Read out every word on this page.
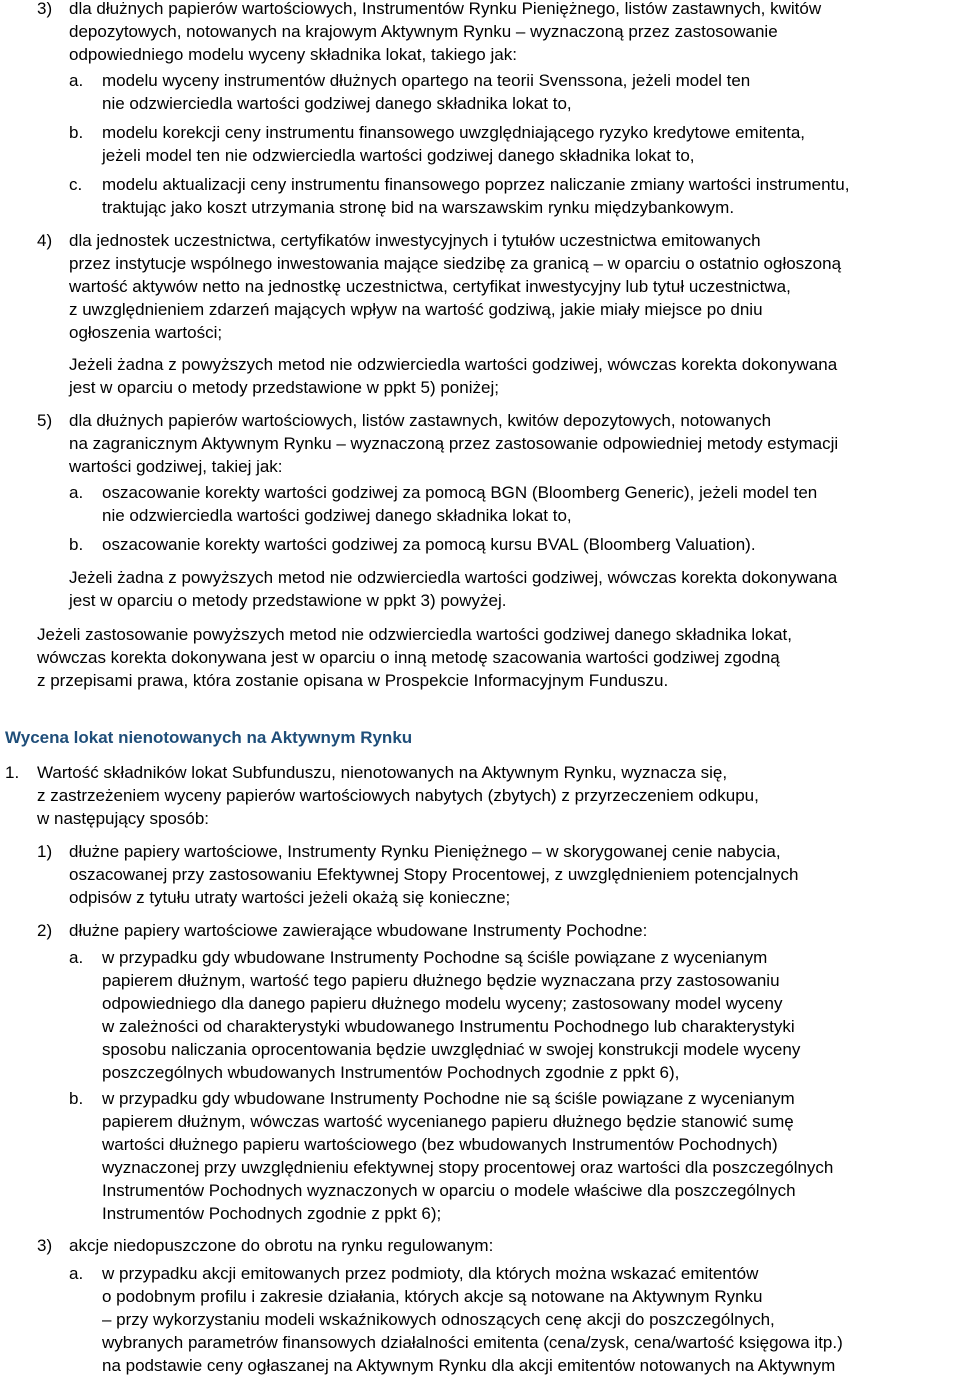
3) dla dłużnych papierów wartościowych, Instrumentów Rynku Pieniężnego, listów zastawnych, kwitów
depozytowych, notowanych na krajowym Aktywnym Rynku – wyznaczoną przez zastosowanie
odpowiedniego modelu wyceny składnika lokat, takiego jak:
a. modelu wyceny instrumentów dłużnych opartego na teorii Svenssona, jeżeli model ten
nie odzwierciedla wartości godziwej danego składnika lokat to,
b. modelu korekcji ceny instrumentu finansowego uwzględniającego ryzyko kredytowe emitenta,
jeżeli model ten nie odzwierciedla wartości godziwej danego składnika lokat to,
c. modelu aktualizacji ceny instrumentu finansowego poprzez naliczanie zmiany wartości instrumentu,
traktując jako koszt utrzymania stronę bid na warszawskim rynku międzybankowym.
4) dla jednostek uczestnictwa, certyfikatów inwestycyjnych i tytułów uczestnictwa emitowanych
przez instytucje wspólnego inwestowania mające siedzibę za granicą – w oparciu o ostatnio ogłoszoną
wartość aktywów netto na jednostkę uczestnictwa, certyfikat inwestycyjny lub tytuł uczestnictwa,
z uwzględnieniem zdarzeń mających wpływ na wartość godziwą, jakie miały miejsce po dniu
ogłoszenia wartości;
Jeżeli żadna z powyższych metod nie odzwierciedla wartości godziwej, wówczas korekta dokonywana
jest w oparciu o metody przedstawione w ppkt 5) poniżej;
5) dla dłużnych papierów wartościowych, listów zastawnych, kwitów depozytowych, notowanych
na zagranicznym Aktywnym Rynku – wyznaczoną przez zastosowanie odpowiedniej metody estymacji
wartości godziwej, takiej jak:
a. oszacowanie korekty wartości godziwej za pomocą BGN (Bloomberg Generic), jeżeli model ten
nie odzwierciedla wartości godziwej danego składnika lokat to,
b. oszacowanie korekty wartości godziwej za pomocą kursu BVAL (Bloomberg Valuation).
Jeżeli żadna z powyższych metod nie odzwierciedla wartości godziwej, wówczas korekta dokonywana
jest w oparciu o metody przedstawione w ppkt 3) powyżej.
Jeżeli zastosowanie powyższych metod nie odzwierciedla wartości godziwej danego składnika lokat,
wówczas korekta dokonywana jest w oparciu o inną metodę szacowania wartości godziwej zgodną
z przepisami prawa, która zostanie opisana w Prospekcie Informacyjnym Funduszu.
Wycena lokat nienotowanych na Aktywnym Rynku
1. Wartość składników lokat Subfunduszu, nienotowanych na Aktywnym Rynku, wyznacza się,
z zastrzeżeniem wyceny papierów wartościowych nabytych (zbytych) z przyrzeczeniem odkupu,
w następujący sposób:
1) dłużne papiery wartościowe, Instrumenty Rynku Pieniężnego – w skorygowanej cenie nabycia,
oszacowanej przy zastosowaniu Efektywnej Stopy Procentowej, z uwzględnieniem potencjalnych
odpisów z tytułu utraty wartości jeżeli okażą się konieczne;
2) dłużne papiery wartościowe zawierające wbudowane Instrumenty Pochodne:
a. w przypadku gdy wbudowane Instrumenty Pochodne są ściśle powiązane z wycenianym
papierem dłużnym, wartość tego papieru dłużnego będzie wyznaczana przy zastosowaniu
odpowiedniego dla danego papieru dłużnego modelu wyceny; zastosowany model wyceny
w zależności od charakterystyki wbudowanego Instrumentu Pochodnego lub charakterystyki
sposobu naliczania oprocentowania będzie uwzględniać w swojej konstrukcji modele wyceny
poszczególnych wbudowanych Instrumentów Pochodnych zgodnie z ppkt 6),
b. w przypadku gdy wbudowane Instrumenty Pochodne nie są ściśle powiązane z wycenianym
papierem dłużnym, wówczas wartość wycenianego papieru dłużnego będzie stanowić sumę
wartości dłużnego papieru wartościowego (bez wbudowanych Instrumentów Pochodnych)
wyznaczonej przy uwzględnieniu efektywnej stopy procentowej oraz wartości dla poszczególnych
Instrumentów Pochodnych wyznaczonych w oparciu o modele właściwe dla poszczególnych
Instrumentów Pochodnych zgodnie z ppkt 6);
3) akcje niedopuszczone do obrotu na rynku regulowanym:
a. w przypadku akcji emitowanych przez podmioty, dla których można wskazać emitentów
o podobnym profilu i zakresie działania, których akcje są notowane na Aktywnym Rynku
– przy wykorzystaniu modeli wskaźnikowych odnoszących cenę akcji do poszczególnych,
wybranych parametrów finansowych działalności emitenta (cena/zysk, cena/wartość księgowa itp.)
na podstawie ceny ogłaszanej na Aktywnym Rynku dla akcji emitentów notowanych na Aktywnym
